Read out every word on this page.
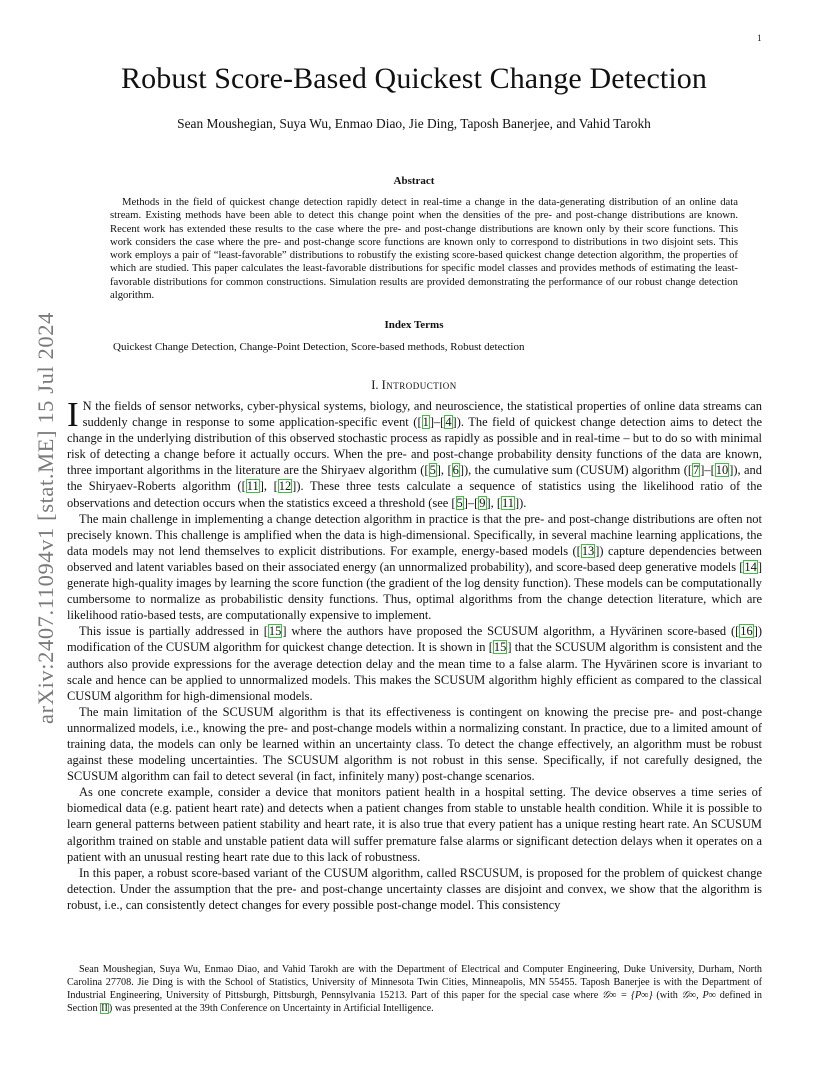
1
arXiv:2407.11094v1 [stat.ME] 15 Jul 2024
Robust Score-Based Quickest Change Detection
Sean Moushegian, Suya Wu, Enmao Diao, Jie Ding, Taposh Banerjee, and Vahid Tarokh
Abstract

Methods in the field of quickest change detection rapidly detect in real-time a change in the data-generating distribution of an online data stream. Existing methods have been able to detect this change point when the densities of the pre- and post-change distributions are known. Recent work has extended these results to the case where the pre- and post-change distributions are known only by their score functions. This work considers the case where the pre- and post-change score functions are known only to correspond to distributions in two disjoint sets. This work employs a pair of “least-favorable” distributions to robustify the existing score-based quickest change detection algorithm, the properties of which are studied. This paper calculates the least-favorable distributions for specific model classes and provides methods of estimating the least-favorable distributions for common constructions. Simulation results are provided demonstrating the performance of our robust change detection algorithm.

Index Terms
Quickest Change Detection, Change-Point Detection, Score-based methods, Robust detection
I. Introduction

I N the fields of sensor networks, cyber-physical systems, biology, and neuroscience, the statistical properties of online data streams can suddenly change in response to some application-specific event ([1]–[4]). The field of quickest change detection aims to detect the change in the underlying distribution of this observed stochastic process as rapidly as possible and in real-time – but to do so with minimal risk of detecting a change before it actually occurs. When the pre- and post-change probability density functions of the data are known, three important algorithms in the literature are the Shiryaev algorithm ([5], [6]), the cumulative sum (CUSUM) algorithm ([7]–[10]), and the Shiryaev-Roberts algorithm ([11], [12]). These three tests calculate a sequence of statistics using the likelihood ratio of the observations and detection occurs when the statistics exceed a threshold (see [5]–[9], [11]).

The main challenge in implementing a change detection algorithm in practice is that the pre- and post-change distributions are often not precisely known. This challenge is amplified when the data is high-dimensional. Specifically, in several machine learning applications, the data models may not lend themselves to explicit distributions. For example, energy-based models ([13]) capture dependencies between observed and latent variables based on their associated energy (an unnormalized probability), and score-based deep generative models [14] generate high-quality images by learning the score function (the gradient of the log density function). These models can be computationally cumbersome to normalize as probabilistic density functions. Thus, optimal algorithms from the change detection literature, which are likelihood ratio-based tests, are computationally expensive to implement.

This issue is partially addressed in [15] where the authors have proposed the SCUSUM algorithm, a Hyvärinen score-based ([16]) modification of the CUSUM algorithm for quickest change detection. It is shown in [15] that the SCUSUM algorithm is consistent and the authors also provide expressions for the average detection delay and the mean time to a false alarm. The Hyvärinen score is invariant to scale and hence can be applied to unnormalized models. This makes the SCUSUM algorithm highly efficient as compared to the classical CUSUM algorithm for high-dimensional models.

The main limitation of the SCUSUM algorithm is that its effectiveness is contingent on knowing the precise pre- and post-change unnormalized models, i.e., knowing the pre- and post-change models within a normalizing constant. In practice, due to a limited amount of training data, the models can only be learned within an uncertainty class. To detect the change effectively, an algorithm must be robust against these modeling uncertainties. The SCUSUM algorithm is not robust in this sense. Specifically, if not carefully designed, the SCUSUM algorithm can fail to detect several (in fact, infinitely many) post-change scenarios.

As one concrete example, consider a device that monitors patient health in a hospital setting. The device observes a time series of biomedical data (e.g. patient heart rate) and detects when a patient changes from stable to unstable health condition. While it is possible to learn general patterns between patient stability and heart rate, it is also true that every patient has a unique resting heart rate. An SCUSUM algorithm trained on stable and unstable patient data will suffer premature false alarms or significant detection delays when it operates on a patient with an unusual resting heart rate due to this lack of robustness.

In this paper, a robust score-based variant of the CUSUM algorithm, called RSCUSUM, is proposed for the problem of quickest change detection. Under the assumption that the pre- and post-change uncertainty classes are disjoint and convex, we show that the algorithm is robust, i.e., can consistently detect changes for every possible post-change model. This consistency

Sean Moushegian, Suya Wu, Enmao Diao, and Vahid Tarokh are with the Department of Electrical and Computer Engineering, Duke University, Durham, North Carolina 27708. Jie Ding is with the School of Statistics, University of Minnesota Twin Cities, Minneapolis, MN 55455. Taposh Banerjee is with the Department of Industrial Engineering, University of Pittsburgh, Pittsburgh, Pennsylvania 15213. Part of this paper for the special case where 𝒢∞ = {P∞} (with 𝒢∞, P∞ defined in Section II) was presented at the 39th Conference on Uncertainty in Artificial Intelligence.
